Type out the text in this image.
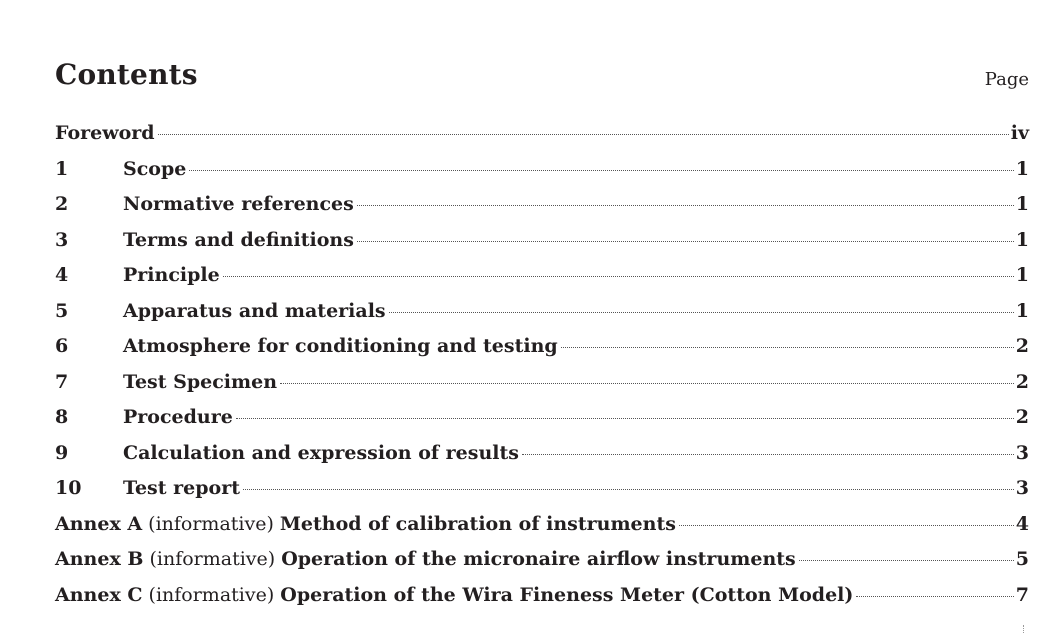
Contents	Page
Foreword	iv
1	Scope	1
2	Normative references	1
3	Terms and definitions	1
4	Principle	1
5	Apparatus and materials	1
6	Atmosphere for conditioning and testing	2
7	Test Specimen	2
8	Procedure	2
9	Calculation and expression of results	3
10	Test report	3
Annex A (informative) Method of calibration of instruments	4
Annex B (informative) Operation of the micronaire airflow instruments	5
Annex C (informative) Operation of the Wira Fineness Meter (Cotton Model)	7
